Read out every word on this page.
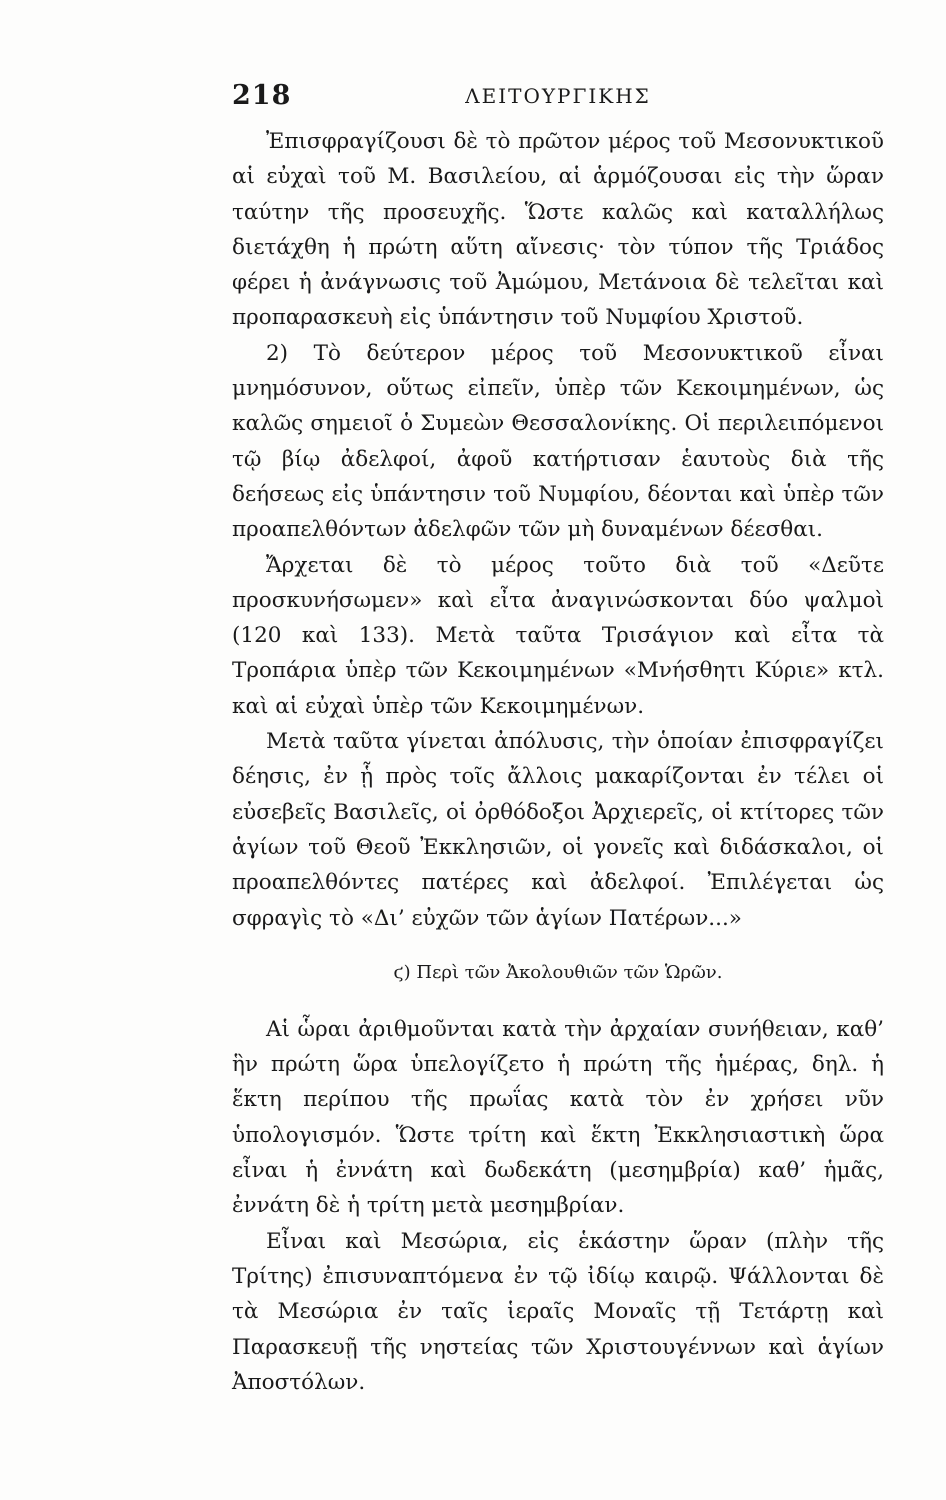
218	ΛΕΙΤΟΥΡΓΙΚΗΣ

Ἐπισφραγίζουσι δὲ τὸ πρῶτον μέρος τοῦ Μεσονυκτικοῦ αἱ εὐχαὶ τοῦ Μ. Βασιλείου, αἱ ἁρμόζουσαι εἰς τὴν ὥραν ταύτην τῆς προσευχῆς. Ὥστε καλῶς καὶ καταλλήλως διετάχθη ἡ πρώτη αὕτη αἴνεσις· τὸν τύπον τῆς Τριάδος φέρει ἡ ἀνάγνωσις τοῦ Ἀμώμου, Μετάνοια δὲ τελεῖται καὶ προπαρασκευὴ εἰς ὑπάντησιν τοῦ Νυμφίου Χριστοῦ.

2) Τὸ δεύτερον μέρος τοῦ Μεσονυκτικοῦ εἶναι μνημόσυνον, οὕτως εἰπεῖν, ὑπὲρ τῶν Κεκοιμημένων, ὡς καλῶς σημειοῖ ὁ Συμεὼν Θεσσαλονίκης. Οἱ περιλειπόμενοι τῷ βίῳ ἀδελφοί, ἀφοῦ κατήρτισαν ἑαυτοὺς διὰ τῆς δεήσεως εἰς ὑπάντησιν τοῦ Νυμφίου, δέονται καὶ ὑπὲρ τῶν προαπελθόντων ἀδελφῶν τῶν μὴ δυναμένων δέεσθαι.

Ἄρχεται δὲ τὸ μέρος τοῦτο διὰ τοῦ «Δεῦτε προσκυνήσωμεν» καὶ εἶτα ἀναγινώσκονται δύο ψαλμοὶ (120 καὶ 133). Μετὰ ταῦτα Τρισάγιον καὶ εἶτα τὰ Τροπάρια ὑπὲρ τῶν Κεκοιμημένων «Μνήσθητι Κύριε» κτλ. καὶ αἱ εὐχαὶ ὑπὲρ τῶν Κεκοιμημένων.

Μετὰ ταῦτα γίνεται ἀπόλυσις, τὴν ὁποίαν ἐπισφραγίζει δέησις, ἐν ᾗ πρὸς τοῖς ἄλλοις μακαρίζονται ἐν τέλει οἱ εὐσεβεῖς Βασιλεῖς, οἱ ὀρθόδοξοι Ἀρχιερεῖς, οἱ κτίτορες τῶν ἁγίων τοῦ Θεοῦ Ἐκκλησιῶν, οἱ γονεῖς καὶ διδάσκαλοι, οἱ προαπελθόντες πατέρες καὶ ἀδελφοί. Ἐπιλέγεται ὡς σφραγὶς τὸ «Δι’ εὐχῶν τῶν ἁγίων Πατέρων...»

ϛ) Περὶ τῶν Ἀκολουθιῶν τῶν Ὡρῶν.

Αἱ ὧραι ἀριθμοῦνται κατὰ τὴν ἀρχαίαν συνήθειαν, καθ’ ἣν πρώτη ὥρα ὑπελογίζετο ἡ πρώτη τῆς ἡμέρας, δηλ. ἡ ἕκτη περίπου τῆς πρωΐας κατὰ τὸν ἐν χρήσει νῦν ὑπολογισμόν. Ὥστε τρίτη καὶ ἕκτη Ἐκκλησιαστικὴ ὥρα εἶναι ἡ ἐννάτη καὶ δωδεκάτη (μεσημβρία) καθ’ ἡμᾶς, ἐννάτη δὲ ἡ τρίτη μετὰ μεσημβρίαν.

Εἶναι καὶ Μεσώρια, εἰς ἑκάστην ὥραν (πλὴν τῆς Τρίτης) ἐπισυναπτόμενα ἐν τῷ ἰδίῳ καιρῷ. Ψάλλονται δὲ τὰ Μεσώρια ἐν ταῖς ἱεραῖς Μοναῖς τῇ Τετάρτῃ καὶ Παρασκευῇ τῆς νηστείας τῶν Χριστουγέννων καὶ ἁγίων Ἀποστόλων.
